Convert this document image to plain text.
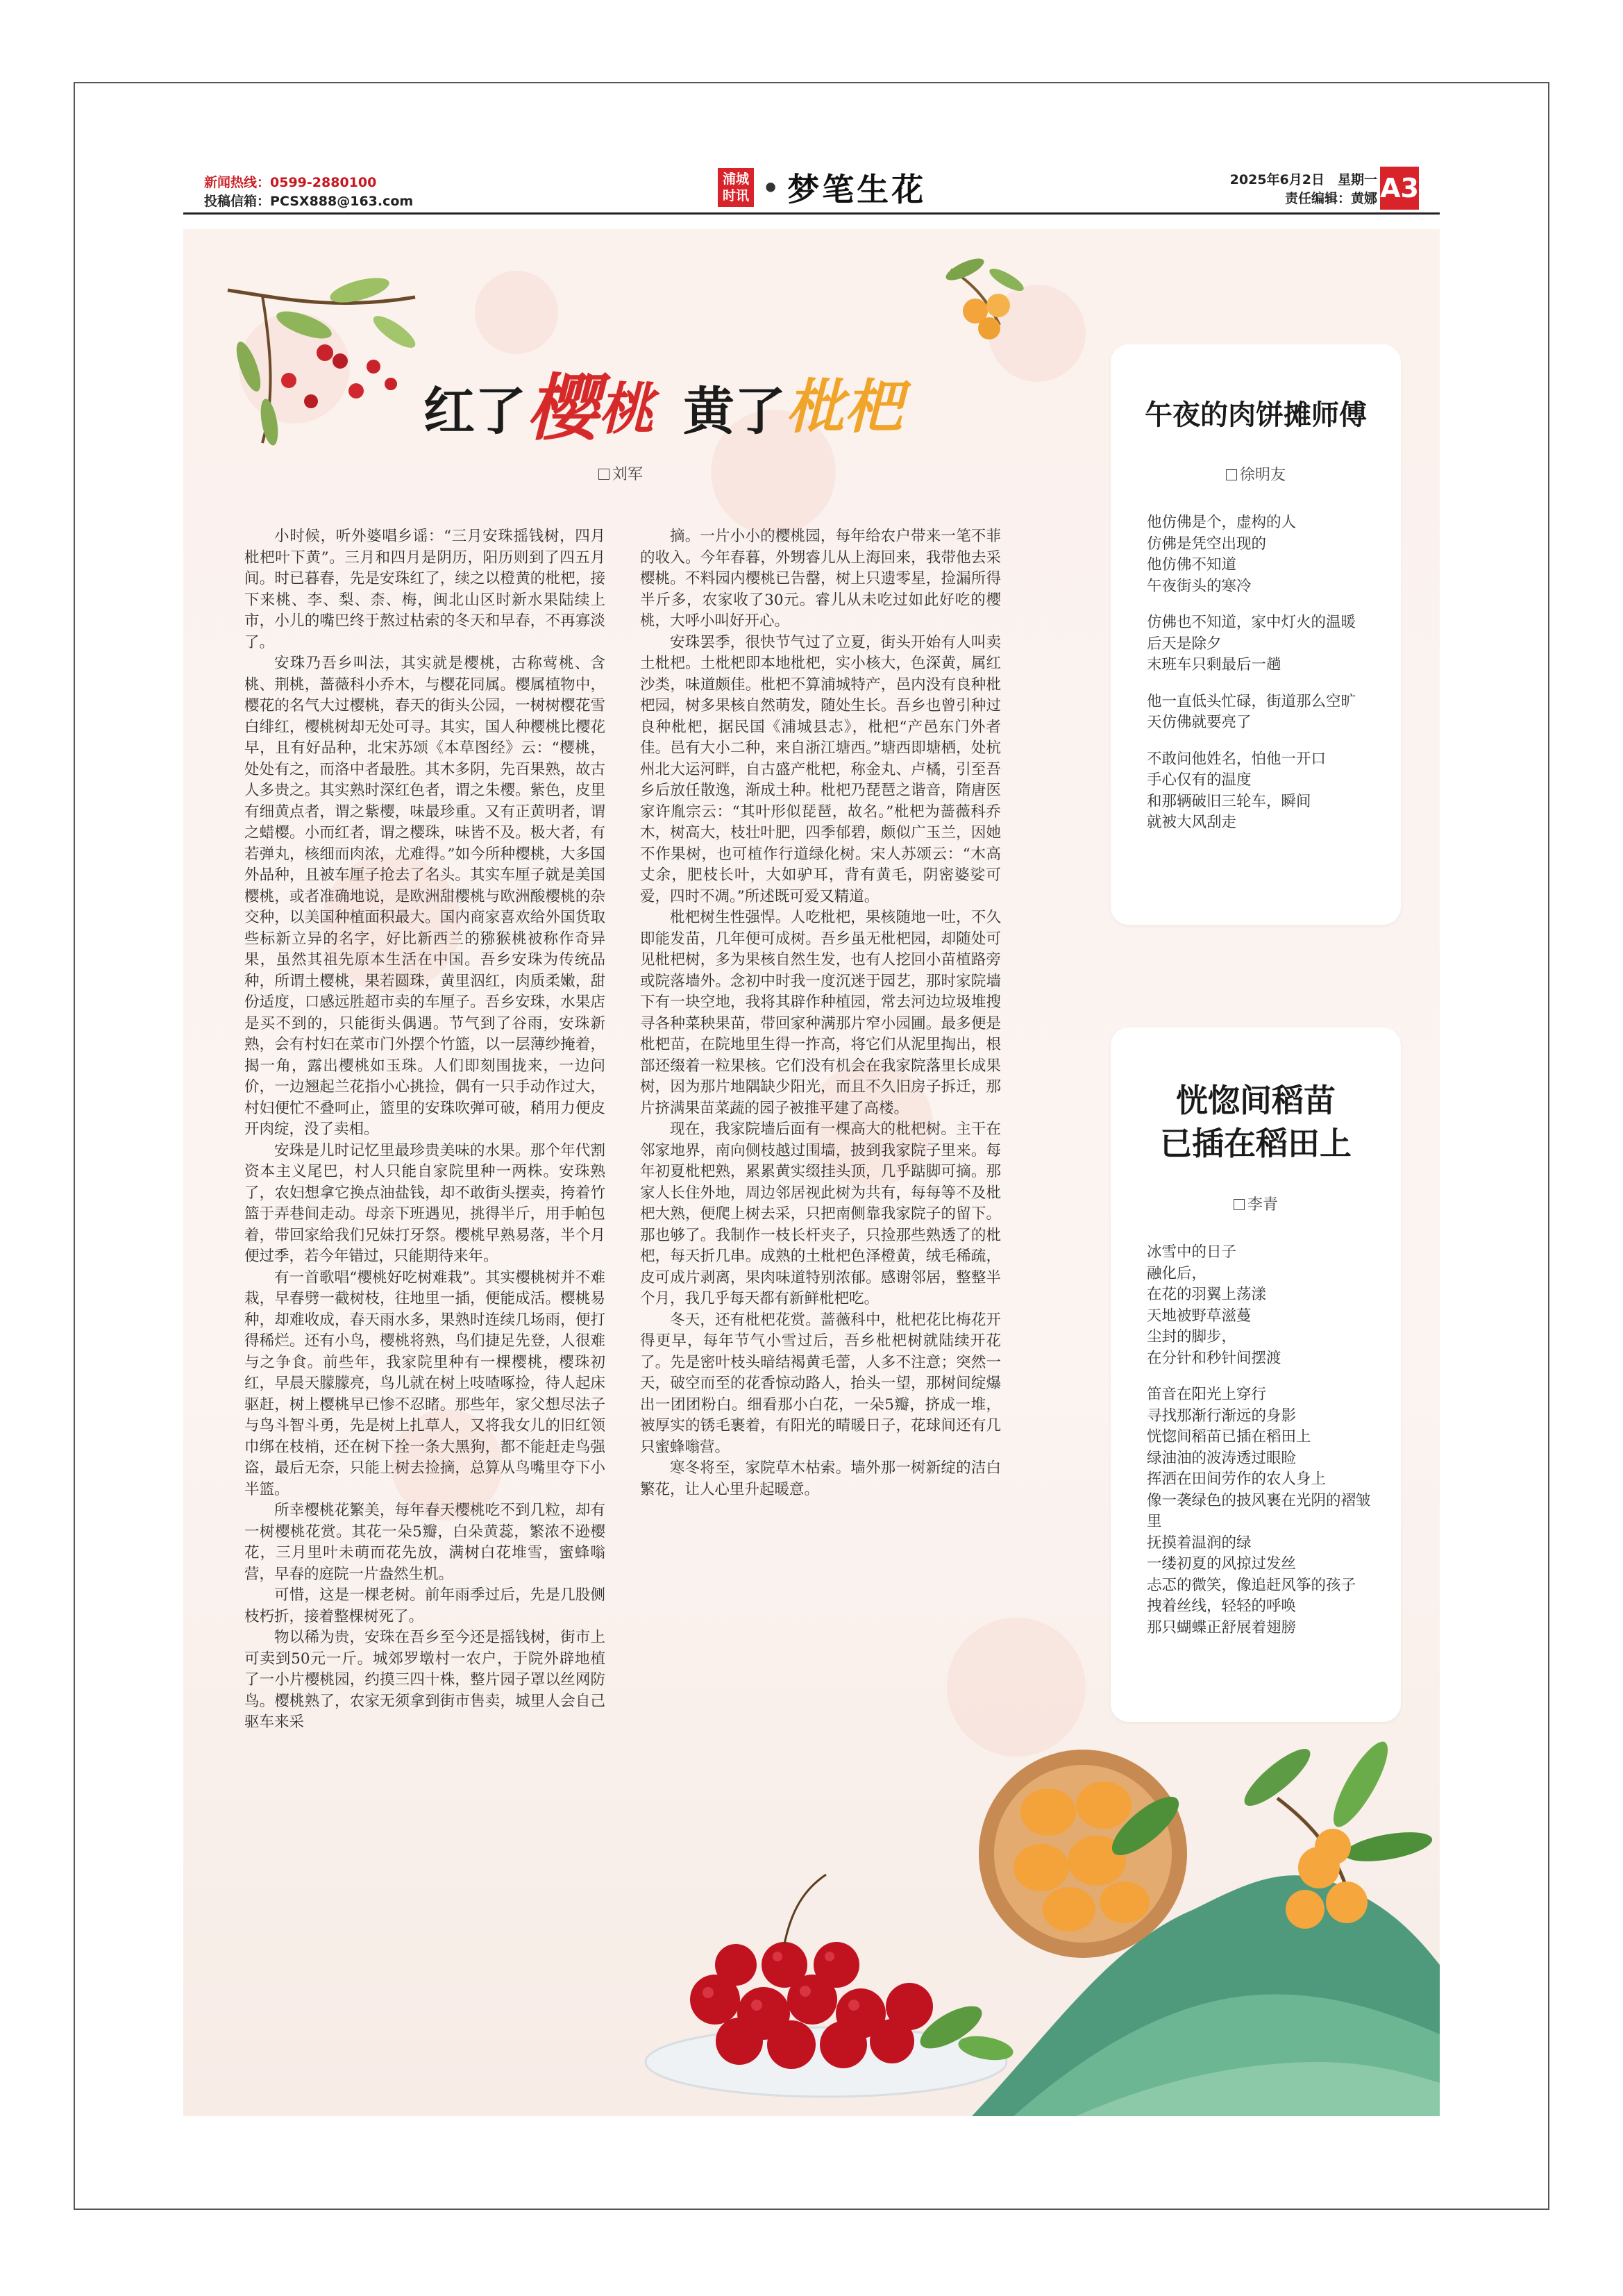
新闻热线：0599-2880100
投稿信箱：PCSX888@163.com
浦城
时讯 • 梦笔生花	2025年6月2日　星期一
责任编辑：黄娜 A3
红了 樱 桃 黄了 枇 杷
刘军

小时候，听外婆唱乡谣：“三月安珠摇钱树，四月枇杷叶下黄”。三月和四月是阴历，阳历则到了四五月间。时已暮春，先是安珠红了，续之以橙黄的枇杷，接下来桃、李、梨、柰、梅，闽北山区时新水果陆续上市，小儿的嘴巴终于熬过枯索的冬天和早春，不再寡淡了。

安珠乃吾乡叫法，其实就是樱桃，古称莺桃、含桃、荆桃，蔷薇科小乔木，与樱花同属。樱属植物中，樱花的名气大过樱桃，春天的街头公园，一树树樱花雪白绯红，樱桃树却无处可寻。其实，国人种樱桃比樱花早，且有好品种，北宋苏颂《本草图经》云：“樱桃，处处有之，而洛中者最胜。其木多阴，先百果熟，故古人多贵之。其实熟时深红色者，谓之朱樱。紫色，皮里有细黄点者，谓之紫樱，味最珍重。又有正黄明者，谓之蜡樱。小而红者，谓之樱珠，味皆不及。极大者，有若弹丸，核细而肉浓，尤难得。”如今所种樱桃，大多国外品种，且被车厘子抢去了名头。其实车厘子就是美国樱桃，或者准确地说，是欧洲甜樱桃与欧洲酸樱桃的杂交种，以美国种植面积最大。国内商家喜欢给外国货取些标新立异的名字，好比新西兰的猕猴桃被称作奇异果，虽然其祖先原本生活在中国。吾乡安珠为传统品种，所谓土樱桃，果若圆珠，黄里泅红，肉质柔嫩，甜份适度，口感远胜超市卖的车厘子。吾乡安珠，水果店是买不到的，只能街头偶遇。节气到了谷雨，安珠新熟，会有村妇在菜市门外摆个竹篮，以一层薄纱掩着，揭一角，露出樱桃如玉珠。人们即刻围拢来，一边问价，一边翘起兰花指小心挑捡，偶有一只手动作过大，村妇便忙不叠呵止，篮里的安珠吹弹可破，稍用力便皮开肉绽，没了卖相。

安珠是儿时记忆里最珍贵美味的水果。那个年代割资本主义尾巴，村人只能自家院里种一两株。安珠熟了，农妇想拿它换点油盐钱，却不敢街头摆卖，挎着竹篮于弄巷间走动。母亲下班遇见，挑得半斤，用手帕包着，带回家给我们兄妹打牙祭。樱桃早熟易落，半个月便过季，若今年错过，只能期待来年。

有一首歌唱“樱桃好吃树难栽”。其实樱桃树并不难栽，早春劈一截树枝，往地里一插，便能成活。樱桃易种，却难收成，春天雨水多，果熟时连续几场雨，便打得稀烂。还有小鸟，樱桃将熟，鸟们捷足先登，人很难与之争食。前些年，我家院里种有一棵樱桃，樱珠初红，早晨天朦朦亮，鸟儿就在树上吱喳啄捡，待人起床驱赶，树上樱桃早已惨不忍睹。那些年，家父想尽法子与鸟斗智斗勇，先是树上扎草人，又将我女儿的旧红领巾绑在枝梢，还在树下拴一条大黑狗，都不能赶走鸟强盗，最后无奈，只能上树去捡摘，总算从鸟嘴里夺下小半篮。

所幸樱桃花繁美，每年春天樱桃吃不到几粒，却有一树樱桃花赏。其花一朵5瓣，白朵黄蕊，繁浓不逊樱花，三月里叶未萌而花先放，满树白花堆雪，蜜蜂嗡营，早春的庭院一片盎然生机。

可惜，这是一棵老树。前年雨季过后，先是几股侧枝朽折，接着整棵树死了。

物以稀为贵，安珠在吾乡至今还是摇钱树，街市上可卖到50元一斤。城郊罗墩村一农户，于院外辟地植了一小片樱桃园，约摸三四十株，整片园子罩以丝网防鸟。樱桃熟了，农家无须拿到街市售卖，城里人会自己驱车来采

摘。一片小小的樱桃园，每年给农户带来一笔不菲的收入。今年春暮，外甥睿儿从上海回来，我带他去采樱桃。不料园内樱桃已告罄，树上只遗零星，捡漏所得半斤多，农家收了30元。睿儿从未吃过如此好吃的樱桃，大呼小叫好开心。

安珠罢季，很快节气过了立夏，街头开始有人叫卖土枇杷。土枇杷即本地枇杷，实小核大，色深黄，属红沙类，味道颇佳。枇杷不算浦城特产，邑内没有良种枇杷园，树多果核自然萌发，随处生长。吾乡也曾引种过良种枇杷，据民国《浦城县志》，枇杷“产邑东门外者佳。邑有大小二种，来自浙江塘西。”塘西即塘栖，处杭州北大运河畔，自古盛产枇杷，称金丸、卢橘，引至吾乡后放任散逸，渐成土种。枇杷乃琵琶之谐音，隋唐医家许胤宗云：“其叶形似琵琶，故名。”枇杷为蔷薇科乔木，树高大，枝壮叶肥，四季郁碧，颇似广玉兰，因她不作果树，也可植作行道绿化树。宋人苏颂云：“木高丈余，肥枝长叶，大如驴耳，背有黄毛，阴密婆娑可爱，四时不凋。”所述既可爱又精道。

枇杷树生性强悍。人吃枇杷，果核随地一吐，不久即能发苗，几年便可成树。吾乡虽无枇杷园，却随处可见枇杷树，多为果核自然生发，也有人挖回小苗植路旁或院落墙外。念初中时我一度沉迷于园艺，那时家院墙下有一块空地，我将其辟作种植园，常去河边垃圾堆搜寻各种菜秧果苗，带回家种满那片窄小园圃。最多便是枇杷苗，在院地里生得一拃高，将它们从泥里掏出，根部还缀着一粒果核。它们没有机会在我家院落里长成果树，因为那片地隅缺少阳光，而且不久旧房子拆迁，那片挤满果苗菜蔬的园子被推平建了高楼。

现在，我家院墙后面有一棵高大的枇杷树。主干在邻家地界，南向侧枝越过围墙，披到我家院子里来。每年初夏枇杷熟，累累黄实缀挂头顶，几乎踮脚可摘。那家人长住外地，周边邻居视此树为共有，每每等不及枇杷大熟，便爬上树去采，只把南侧靠我家院子的留下。那也够了。我制作一枝长杆夹子，只捡那些熟透了的枇杷，每天折几串。成熟的土枇杷色泽橙黄，绒毛稀疏，皮可成片剥离，果肉味道特别浓郁。感谢邻居，整整半个月，我几乎每天都有新鲜枇杷吃。

冬天，还有枇杷花赏。蔷薇科中，枇杷花比梅花开得更早，每年节气小雪过后，吾乡枇杷树就陆续开花了。先是密叶枝头暗结褐黄毛蕾，人多不注意；突然一天，破空而至的花香惊动路人，抬头一望，那树间绽爆出一团团粉白。细看那小白花，一朵5瓣，挤成一堆，被厚实的锈毛裹着，有阳光的晴暖日子，花球间还有几只蜜蜂嗡营。

寒冬将至，家院草木枯索。墙外那一树新绽的洁白繁花，让人心里升起暖意。

午夜的肉饼摊师傅
徐明友

他仿佛是个，虚构的人
仿佛是凭空出现的
他仿佛不知道
午夜街头的寒冷

仿佛也不知道，家中灯火的温暖
后天是除夕
末班车只剩最后一趟

他一直低头忙碌，街道那么空旷
天仿佛就要亮了

不敢问他姓名，怕他一开口
手心仅有的温度
和那辆破旧三轮车，瞬间
就被大风刮走

恍惚间稻苗
已插在稻田上
李青

冰雪中的日子
融化后，
在花的羽翼上荡漾
天地被野草滋蔓
尘封的脚步，
在分针和秒针间摆渡

笛音在阳光上穿行
寻找那渐行渐远的身影
恍惚间稻苗已插在稻田上
绿油油的波涛透过眼睑
挥洒在田间劳作的农人身上
像一袭绿色的披风裹在光阴的褶皱里
抚摸着温润的绿
一缕初夏的风掠过发丝
忐忑的微笑，像追赶风筝的孩子
拽着丝线，轻轻的呼唤
那只蝴蝶正舒展着翅膀
